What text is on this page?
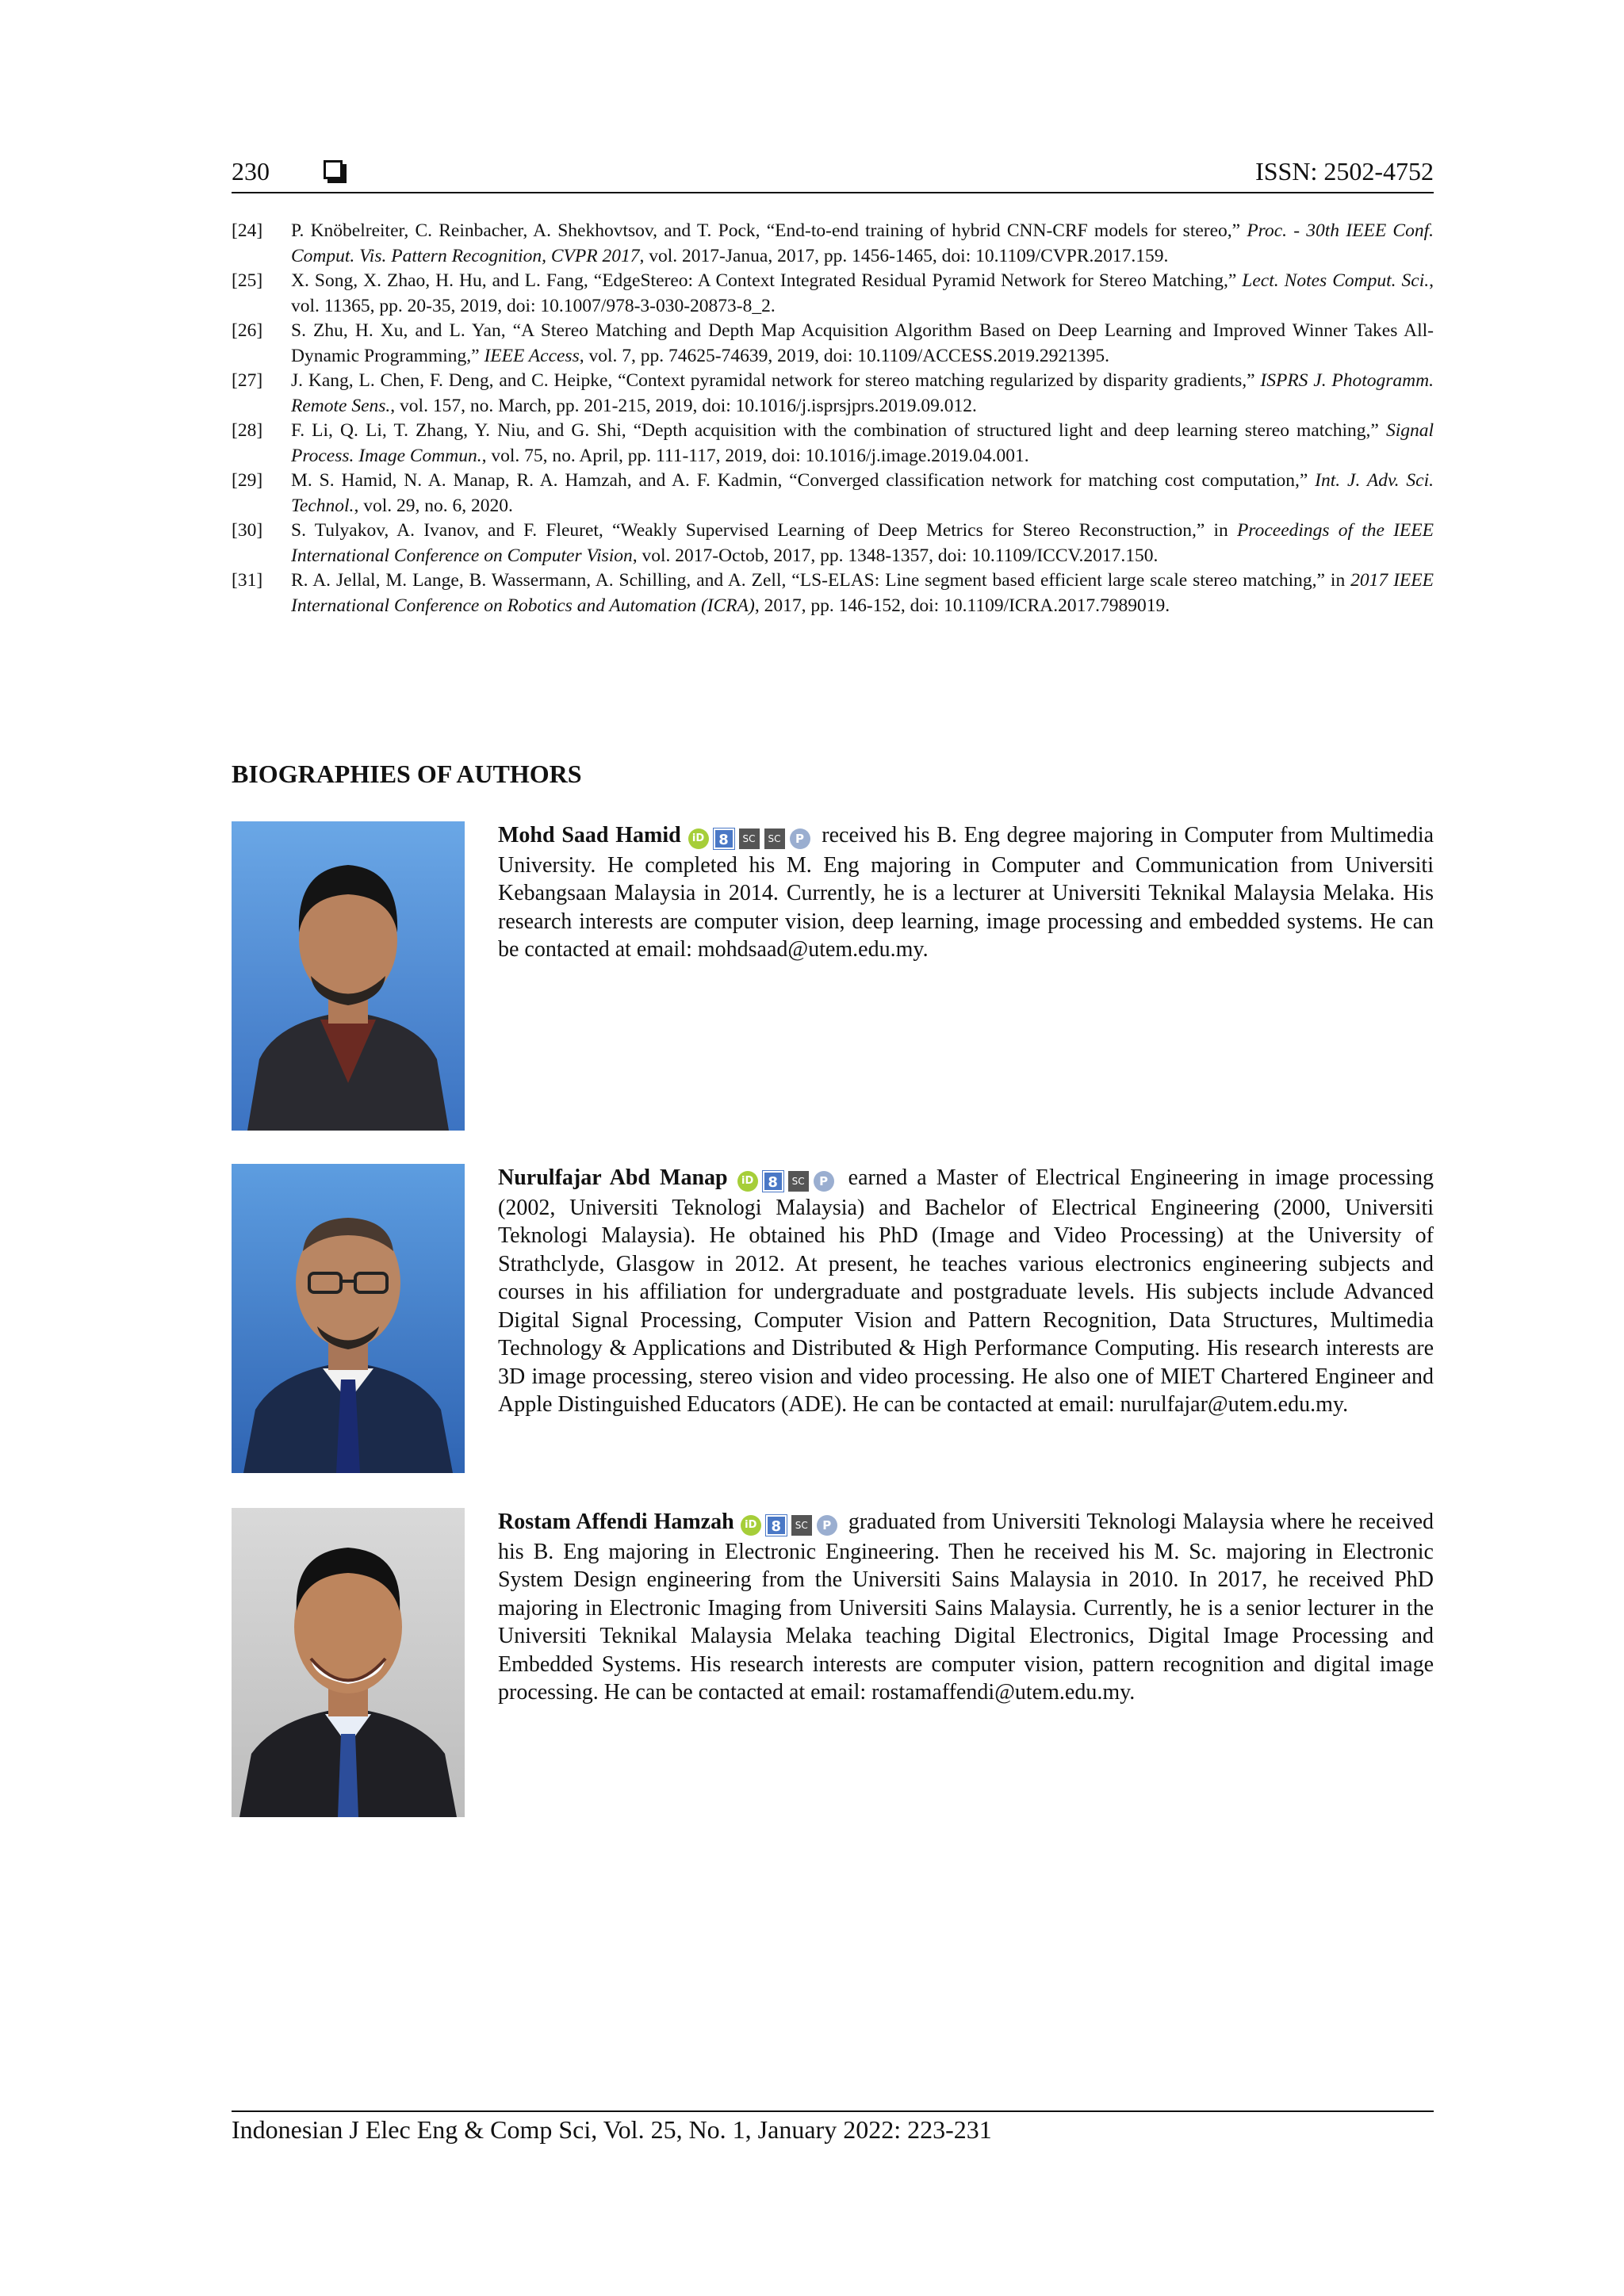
230	ISSN: 2502-4752
[24]	P. Knöbelreiter, C. Reinbacher, A. Shekhovtsov, and T. Pock, “End-to-end training of hybrid CNN-CRF models for stereo,” Proc. - 30th IEEE Conf. Comput. Vis. Pattern Recognition, CVPR 2017, vol. 2017-Janua, 2017, pp. 1456-1465, doi: 10.1109/CVPR.2017.159.
[25]	X. Song, X. Zhao, H. Hu, and L. Fang, “EdgeStereo: A Context Integrated Residual Pyramid Network for Stereo Matching,” Lect. Notes Comput. Sci., vol. 11365, pp. 20-35, 2019, doi: 10.1007/978-3-030-20873-8_2.
[26]	S. Zhu, H. Xu, and L. Yan, “A Stereo Matching and Depth Map Acquisition Algorithm Based on Deep Learning and Improved Winner Takes All-Dynamic Programming,” IEEE Access, vol. 7, pp. 74625-74639, 2019, doi: 10.1109/ACCESS.2019.2921395.
[27]	J. Kang, L. Chen, F. Deng, and C. Heipke, “Context pyramidal network for stereo matching regularized by disparity gradients,” ISPRS J. Photogramm. Remote Sens., vol. 157, no. March, pp. 201-215, 2019, doi: 10.1016/j.isprsjprs.2019.09.012.
[28]	F. Li, Q. Li, T. Zhang, Y. Niu, and G. Shi, “Depth acquisition with the combination of structured light and deep learning stereo matching,” Signal Process. Image Commun., vol. 75, no. April, pp. 111-117, 2019, doi: 10.1016/j.image.2019.04.001.
[29]	M. S. Hamid, N. A. Manap, R. A. Hamzah, and A. F. Kadmin, “Converged classification network for matching cost computation,” Int. J. Adv. Sci. Technol., vol. 29, no. 6, 2020.
[30]	S. Tulyakov, A. Ivanov, and F. Fleuret, “Weakly Supervised Learning of Deep Metrics for Stereo Reconstruction,” in Proceedings of the IEEE International Conference on Computer Vision, vol. 2017-Octob, 2017, pp. 1348-1357, doi: 10.1109/ICCV.2017.150.
[31]	R. A. Jellal, M. Lange, B. Wassermann, A. Schilling, and A. Zell, “LS-ELAS: Line segment based efficient large scale stereo matching,” in 2017 IEEE International Conference on Robotics and Automation (ICRA), 2017, pp. 146-152, doi: 10.1109/ICRA.2017.7989019.
BIOGRAPHIES OF AUTHORS
Mohd Saad Hamid iD 8 SC SC P received his B. Eng degree majoring in Computer from Multimedia University. He completed his M. Eng majoring in Computer and Communication from Universiti Kebangsaan Malaysia in 2014. Currently, he is a lecturer at Universiti Teknikal Malaysia Melaka. His research interests are computer vision, deep learning, image processing and embedded systems. He can be contacted at email: mohdsaad@utem.edu.my.
Nurulfajar Abd Manap iD 8 SC P earned a Master of Electrical Engineering in image processing (2002, Universiti Teknologi Malaysia) and Bachelor of Electrical Engineering (2000, Universiti Teknologi Malaysia). He obtained his PhD (Image and Video Processing) at the University of Strathclyde, Glasgow in 2012. At present, he teaches various electronics engineering subjects and courses in his affiliation for undergraduate and postgraduate levels. His subjects include Advanced Digital Signal Processing, Computer Vision and Pattern Recognition, Data Structures, Multimedia Technology & Applications and Distributed & High Performance Computing. His research interests are 3D image processing, stereo vision and video processing. He also one of MIET Chartered Engineer and Apple Distinguished Educators (ADE). He can be contacted at email: nurulfajar@utem.edu.my.
Rostam Affendi Hamzah iD 8 SC P graduated from Universiti Teknologi Malaysia where he received his B. Eng majoring in Electronic Engineering. Then he received his M. Sc. majoring in Electronic System Design engineering from the Universiti Sains Malaysia in 2010. In 2017, he received PhD majoring in Electronic Imaging from Universiti Sains Malaysia. Currently, he is a senior lecturer in the Universiti Teknikal Malaysia Melaka teaching Digital Electronics, Digital Image Processing and Embedded Systems. His research interests are computer vision, pattern recognition and digital image processing. He can be contacted at email: rostamaffendi@utem.edu.my.
Indonesian J Elec Eng & Comp Sci, Vol. 25, No. 1, January 2022: 223-231
